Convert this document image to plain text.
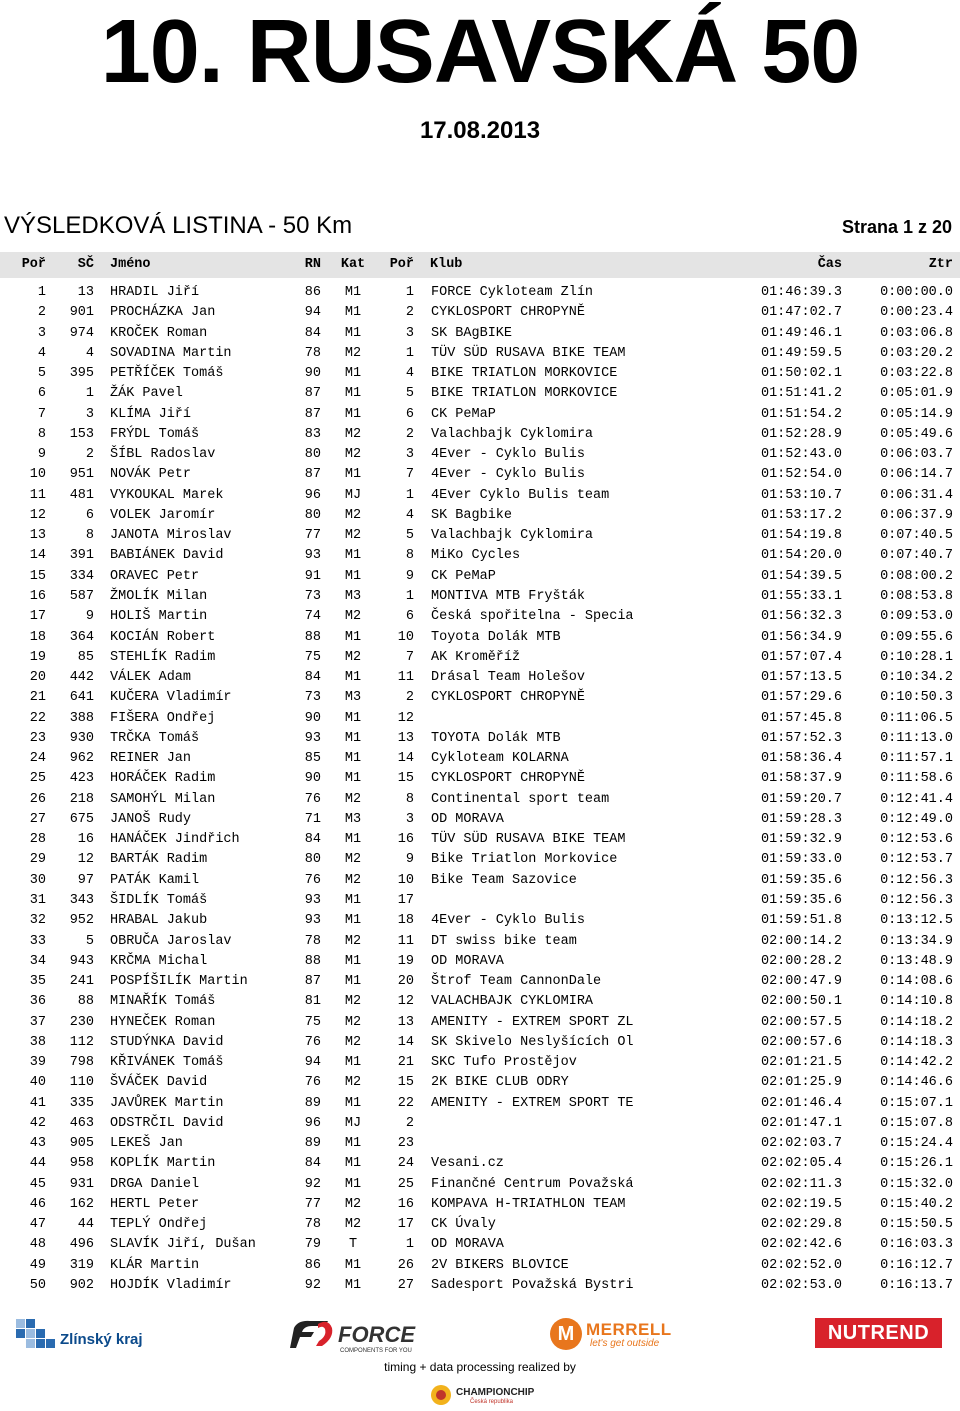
10. RUSAVSKÁ 50
17.08.2013
VÝSLEDKOVÁ LISTINA - 50 Km	Strana 1 z 20
Poř	SČ Jméno	RN	Kat	Poř Klub	Čas	Ztr
1	13 HRADIL Jiří	86	M1	1 FORCE Cykloteam Zlín	01:46:39.3	0:00:00.0
2	901 PROCHÁZKA Jan	94	M1	2 CYKLOSPORT CHROPYNĚ	01:47:02.7	0:00:23.4
3	974 KROČEK Roman	84	M1	3 SK BAgBIKE	01:49:46.1	0:03:06.8
4	4 SOVADINA Martin	78	M2	1 TÜV SÜD RUSAVA BIKE TEAM	01:49:59.5	0:03:20.2
5	395 PETŘÍČEK Tomáš	90	M1	4 BIKE TRIATLON MORKOVICE	01:50:02.1	0:03:22.8
6	1 ŽÁK Pavel	87	M1	5 BIKE TRIATLON MORKOVICE	01:51:41.2	0:05:01.9
7	3 KLÍMA Jiří	87	M1	6 CK PeMaP	01:51:54.2	0:05:14.9
8	153 FRÝDL Tomáš	83	M2	2 Valachbajk Cyklomira	01:52:28.9	0:05:49.6
9	2 ŠÍBL Radoslav	80	M2	3 4Ever - Cyklo Bulis	01:52:43.0	0:06:03.7
10	951 NOVÁK Petr	87	M1	7 4Ever - Cyklo Bulis	01:52:54.0	0:06:14.7
11	481 VYKOUKAL Marek	96	MJ	1 4Ever Cyklo Bulis team	01:53:10.7	0:06:31.4
12	6 VOLEK Jaromír	80	M2	4 SK Bagbike	01:53:17.2	0:06:37.9
13	8 JANOTA Miroslav	77	M2	5 Valachbajk Cyklomira	01:54:19.8	0:07:40.5
14	391 BABIÁNEK David	93	M1	8 MiKo Cycles	01:54:20.0	0:07:40.7
15	334 ORAVEC Petr	91	M1	9 CK PeMaP	01:54:39.5	0:08:00.2
16	587 ŽMOLÍK Milan	73	M3	1 MONTIVA MTB Fryšták	01:55:33.1	0:08:53.8
17	9 HOLIŠ Martin	74	M2	6 Česká spořitelna - Specia	01:56:32.3	0:09:53.0
18	364 KOCIÁN Robert	88	M1	10 Toyota Dolák MTB	01:56:34.9	0:09:55.6
19	85 STEHLÍK Radim	75	M2	7 AK Kroměříž	01:57:07.4	0:10:28.1
20	442 VÁLEK Adam	84	M1	11 Drásal Team Holešov	01:57:13.5	0:10:34.2
21	641 KUČERA Vladimír	73	M3	2 CYKLOSPORT CHROPYNĚ	01:57:29.6	0:10:50.3
22	388 FIŠERA Ondřej	90	M1	12	01:57:45.8	0:11:06.5
23	930 TRČKA Tomáš	93	M1	13 TOYOTA Dolák MTB	01:57:52.3	0:11:13.0
24	962 REINER Jan	85	M1	14 Cykloteam KOLARNA	01:58:36.4	0:11:57.1
25	423 HORÁČEK Radim	90	M1	15 CYKLOSPORT CHROPYNĚ	01:58:37.9	0:11:58.6
26	218 SAMOHÝL Milan	76	M2	8 Continental sport team	01:59:20.7	0:12:41.4
27	675 JANOŠ Rudy	71	M3	3 OD MORAVA	01:59:28.3	0:12:49.0
28	16 HANÁČEK Jindřich	84	M1	16 TÜV SÜD RUSAVA BIKE TEAM	01:59:32.9	0:12:53.6
29	12 BARTÁK Radim	80	M2	9 Bike Triatlon Morkovice	01:59:33.0	0:12:53.7
30	97 PATÁK Kamil	76	M2	10 Bike Team Sazovice	01:59:35.6	0:12:56.3
31	343 ŠIDLÍK Tomáš	93	M1	17	01:59:35.6	0:12:56.3
32	952 HRABAL Jakub	93	M1	18 4Ever - Cyklo Bulis	01:59:51.8	0:13:12.5
33	5 OBRUČA Jaroslav	78	M2	11 DT swiss bike team	02:00:14.2	0:13:34.9
34	943 KRČMA Michal	88	M1	19 OD MORAVA	02:00:28.2	0:13:48.9
35	241 POSPÍŠILÍK Martin	87	M1	20 Štrof Team CannonDale	02:00:47.9	0:14:08.6
36	88 MINAŘÍK Tomáš	81	M2	12 VALACHBAJK CYKLOMIRA	02:00:50.1	0:14:10.8
37	230 HYNEČEK Roman	75	M2	13 AMENITY - EXTREM SPORT ZL	02:00:57.5	0:14:18.2
38	112 STUDÝNKA David	76	M2	14 SK Skivelo Neslyšících Ol	02:00:57.6	0:14:18.3
39	798 KŘIVÁNEK Tomáš	94	M1	21 SKC Tufo Prostějov	02:01:21.5	0:14:42.2
40	110 ŠVÁČEK David	76	M2	15 2K BIKE CLUB ODRY	02:01:25.9	0:14:46.6
41	335 JAVŮREK Martin	89	M1	22 AMENITY - EXTREM SPORT TE	02:01:46.4	0:15:07.1
42	463 ODSTRČIL David	96	MJ	2	02:01:47.1	0:15:07.8
43	905 LEKEŠ Jan	89	M1	23	02:02:03.7	0:15:24.4
44	958 KOPLÍK Martin	84	M1	24 Vesani.cz	02:02:05.4	0:15:26.1
45	931 DRGA Daniel	92	M1	25 Finančné Centrum Považská	02:02:11.3	0:15:32.0
46	162 HERTL Peter	77	M2	16 KOMPAVA H-TRIATHLON TEAM	02:02:19.5	0:15:40.2
47	44 TEPLÝ Ondřej	78	M2	17 CK Úvaly	02:02:29.8	0:15:50.5
48	496 SLAVÍK Jiří, Dušan	79	T	1 OD MORAVA	02:02:42.6	0:16:03.3
49	319 KLÁR Martin	86	M1	26 2V BIKERS BLOVICE	02:02:52.0	0:16:12.7
50	902 HOJDÍK Vladimír	92	M1	27 Sadesport Považská Bystri	02:02:53.0	0:16:13.7
Zlínský kraj	FORCE
COMPONENTS FOR YOU
M MERRELL
let's get outside	NUTREND
timing + data processing realized by
CHAMPIONCHIP
Česká republika
